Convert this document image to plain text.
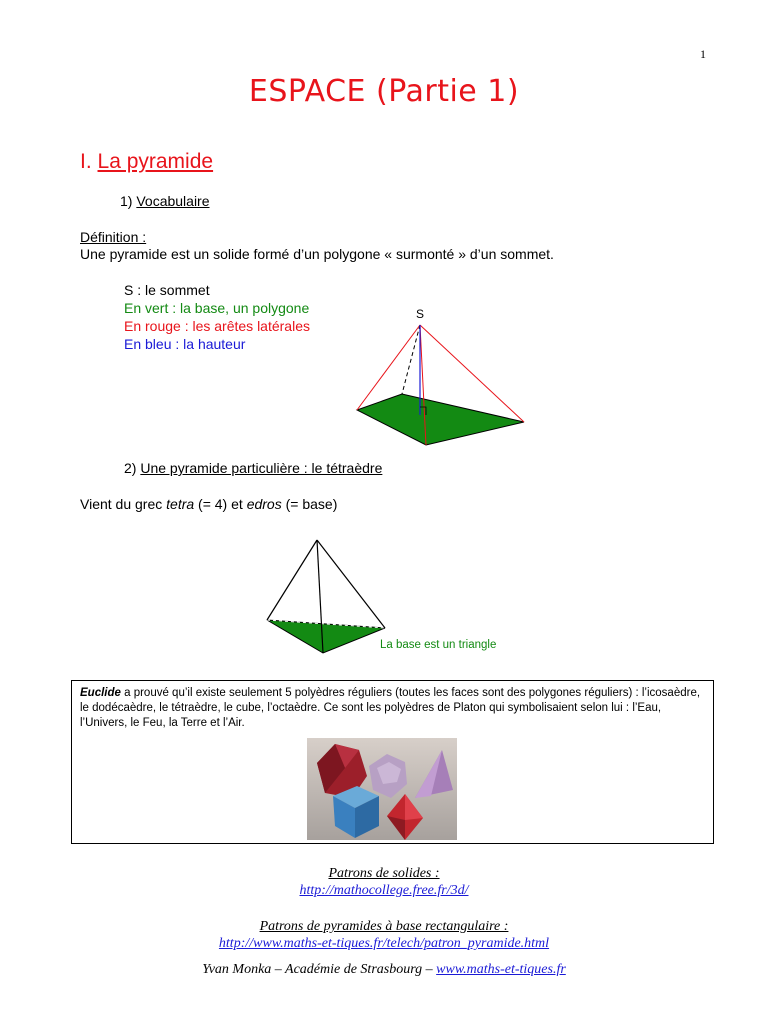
1
ESPACE (Partie 1)
I. La pyramide
1) Vocabulaire
Définition :
Une pyramide est un solide formé d’un polygone « surmonté » d’un sommet.
S : le sommet
En vert : la base, un polygone
En rouge : les arêtes latérales
En bleu : la hauteur
S
2) Une pyramide particulière : le tétraèdre
Vient du grec tetra (= 4) et edros (= base)
La base est un triangle
Euclide a prouvé qu’il existe seulement 5 polyèdres réguliers (toutes les faces sont des polygones réguliers) : l’icosaèdre, le dodécaèdre, le tétraèdre, le cube, l’octaèdre. Ce sont les polyèdres de Platon qui symbolisaient selon lui : l’Eau, l’Univers, le Feu, la Terre et l’Air.
Patrons de solides :
http://mathocollege.free.fr/3d/
Patrons de pyramides à base rectangulaire :
http://www.maths-et-tiques.fr/telech/patron_pyramide.html
Yvan Monka – Académie de Strasbourg – www.maths-et-tiques.fr
